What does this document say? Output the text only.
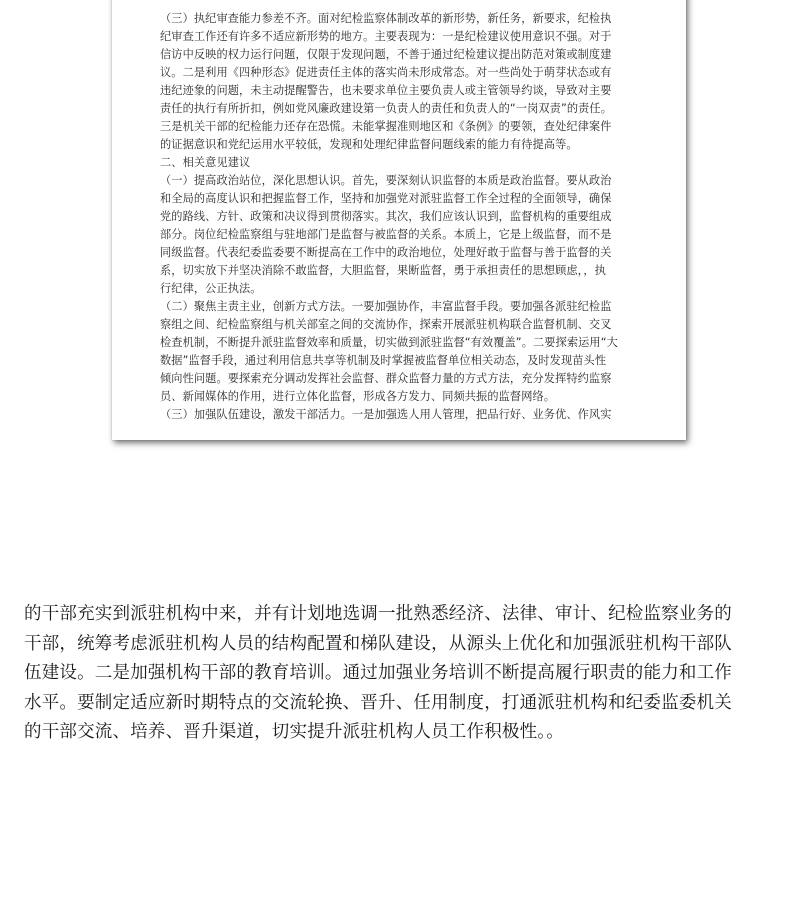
（三）执纪审查能力参差不齐。面对纪检监察体制改革的新形势，新任务，新要求，纪检执
纪审查工作还有许多不适应新形势的地方。主要表现为：一是纪检建议使用意识不强。对于
信访中反映的权力运行问题，仅限于发现问题，不善于通过纪检建议提出防范对策或制度建
议。二是利用《四种形态》促进责任主体的落实尚未形成常态。对一些尚处于萌芽状态或有
违纪迹象的问题，未主动提醒警告，也未要求单位主要负责人或主管领导约谈，导致对主要
责任的执行有所折扣，例如党风廉政建设第一负责人的责任和负责人的“一岗双责”的责任。
三是机关干部的纪检能力还存在恐慌。未能掌握准则地区和《条例》的要领，查处纪律案件
的证据意识和党纪运用水平较低，发现和处理纪律监督问题线索的能力有待提高等。
二、相关意见建议
（一）提高政治站位，深化思想认识。首先，要深刻认识监督的本质是政治监督。要从政治
和全局的高度认识和把握监督工作，坚持和加强党对派驻监督工作全过程的全面领导，确保
党的路线、方针、政策和决议得到贯彻落实。其次，我们应该认识到，监督机构的重要组成
部分。岗位纪检监察组与驻地部门是监督与被监督的关系。本质上，它是上级监督，而不是
同级监督。代表纪委监委要不断提高在工作中的政治地位，处理好敢于监督与善于监督的关
系，切实放下并坚决消除不敢监督，大胆监督，果断监督，勇于承担责任的思想顾虑，，执
行纪律，公正执法。
（二）聚焦主责主业，创新方式方法。一要加强协作，丰富监督手段。要加强各派驻纪检监
察组之间、纪检监察组与机关部室之间的交流协作，探索开展派驻机构联合监督机制、交叉
检查机制，不断提升派驻监督效率和质量，切实做到派驻监督“有效覆盖”。二要探索运用“大
数据”监督手段，通过利用信息共享等机制及时掌握被监督单位相关动态，及时发现苗头性
倾向性问题。要探索充分调动发挥社会监督、群众监督力量的方式方法，充分发挥特约监察
员、新闻媒体的作用，进行立体化监督，形成各方发力、同频共振的监督网络。
（三）加强队伍建设，激发干部活力。一是加强选人用人管理，把品行好、业务优、作风实
的干部充实到派驻机构中来，并有计划地选调一批熟悉经济、法律、审计、纪检监察业务的
干部，统筹考虑派驻机构人员的结构配置和梯队建设，从源头上优化和加强派驻机构干部队
伍建设。二是加强机构干部的教育培训。通过加强业务培训不断提高履行职责的能力和工作
水平。要制定适应新时期特点的交流轮换、晋升、任用制度，打通派驻机构和纪委监委机关
的干部交流、培养、晋升渠道，切实提升派驻机构人员工作积极性。。
